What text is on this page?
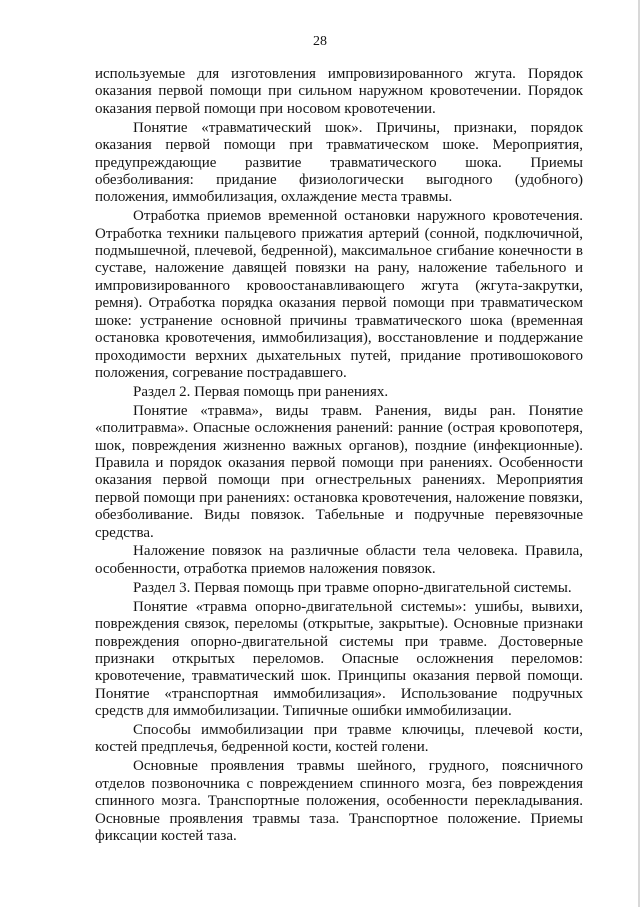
28

используемые для изготовления импровизированного жгута. Порядок оказания первой помощи при сильном наружном кровотечении. Порядок оказания первой помощи при носовом кровотечении.

Понятие «травматический шок». Причины, признаки, порядок оказания первой помощи при травматическом шоке. Мероприятия, предупреждающие развитие травматического шока. Приемы обезболивания: придание физиологически выгодного (удобного) положения, иммобилизация, охлаждение места травмы.

Отработка приемов временной остановки наружного кровотечения. Отработка техники пальцевого прижатия артерий (сонной, подключичной, подмышечной, плечевой, бедренной), максимальное сгибание конечности в суставе, наложение давящей повязки на рану, наложение табельного и импровизированного кровоостанавливающего жгута (жгута-закрутки, ремня). Отработка порядка оказания первой помощи при травматическом шоке: устранение основной причины травматического шока (временная остановка кровотечения, иммобилизация), восстановление и поддержание проходимости верхних дыхательных путей, придание противошокового положения, согревание пострадавшего.

Раздел 2. Первая помощь при ранениях.

Понятие «травма», виды травм. Ранения, виды ран. Понятие «политравма». Опасные осложнения ранений: ранние (острая кровопотеря, шок, повреждения жизненно важных органов), поздние (инфекционные). Правила и порядок оказания первой помощи при ранениях. Особенности оказания первой помощи при огнестрельных ранениях. Мероприятия первой помощи при ранениях: остановка кровотечения, наложение повязки, обезболивание. Виды повязок. Табельные и подручные перевязочные средства.

Наложение повязок на различные области тела человека. Правила, особенности, отработка приемов наложения повязок.

Раздел 3. Первая помощь при травме опорно-двигательной системы.

Понятие «травма опорно-двигательной системы»: ушибы, вывихи, повреждения связок, переломы (открытые, закрытые). Основные признаки повреждения опорно-двигательной системы при травме. Достоверные признаки открытых переломов. Опасные осложнения переломов: кровотечение, травматический шок. Принципы оказания первой помощи. Понятие «транспортная иммобилизация». Использование подручных средств для иммобилизации. Типичные ошибки иммобилизации.

Способы иммобилизации при травме ключицы, плечевой кости, костей предплечья, бедренной кости, костей голени.

Основные проявления травмы шейного, грудного, поясничного отделов позвоночника с повреждением спинного мозга, без повреждения спинного мозга. Транспортные положения, особенности перекладывания. Основные проявления травмы таза. Транспортное положение. Приемы фиксации костей таза.
